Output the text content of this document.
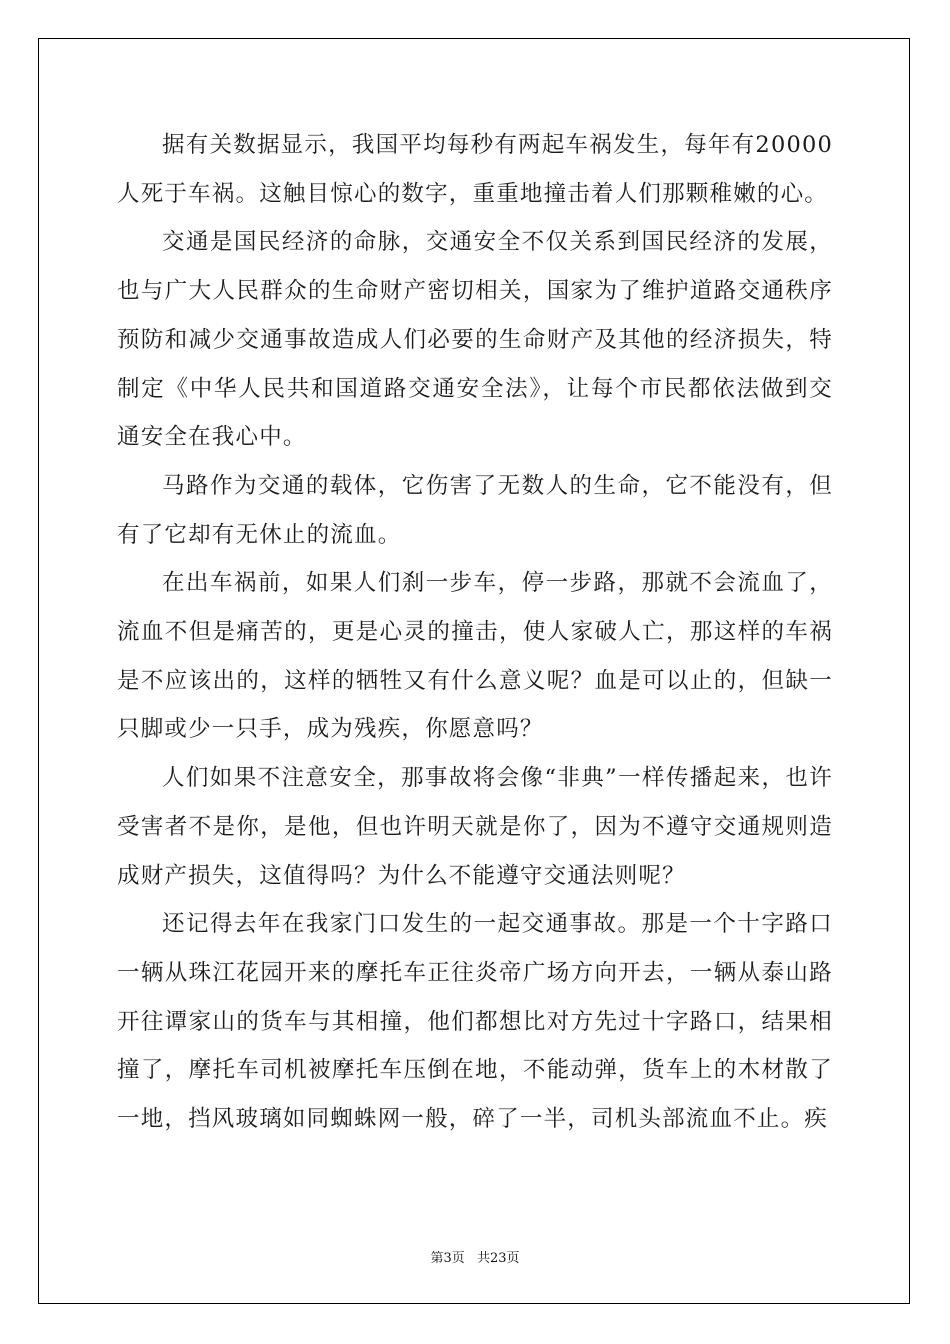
据有关数据显示，我国平均每秒有两起车祸发生，每年有20000人死于车祸。这触目惊心的数字，重重地撞击着人们那颗稚嫩的心。

交通是国民经济的命脉，交通安全不仅关系到国民经济的发展，也与广大人民群众的生命财产密切相关，国家为了维护道路交通秩序预防和减少交通事故造成人们必要的生命财产及其他的经济损失，特制定《中华人民共和国道路交通安全法》，让每个市民都依法做到交通安全在我心中。

马路作为交通的载体，它伤害了无数人的生命，它不能没有，但有了它却有无休止的流血。

在出车祸前，如果人们刹一步车，停一步路，那就不会流血了，流血不但是痛苦的，更是心灵的撞击，使人家破人亡，那这样的车祸是不应该出的，这样的牺牲又有什么意义呢？血是可以止的，但缺一只脚或少一只手，成为残疾，你愿意吗？

人们如果不注意安全，那事故将会像“非典”一样传播起来，也许受害者不是你，是他，但也许明天就是你了，因为不遵守交通规则造成财产损失，这值得吗？为什么不能遵守交通法则呢？

还记得去年在我家门口发生的一起交通事故。那是一个十字路口一辆从珠江花园开来的摩托车正往炎帝广场方向开去，一辆从泰山路开往谭家山的货车与其相撞，他们都想比对方先过十字路口，结果相撞了，摩托车司机被摩托车压倒在地，不能动弹，货车上的木材散了一地，挡风玻璃如同蜘蛛网一般，碎了一半，司机头部流血不止。疾

第3页 共23页
